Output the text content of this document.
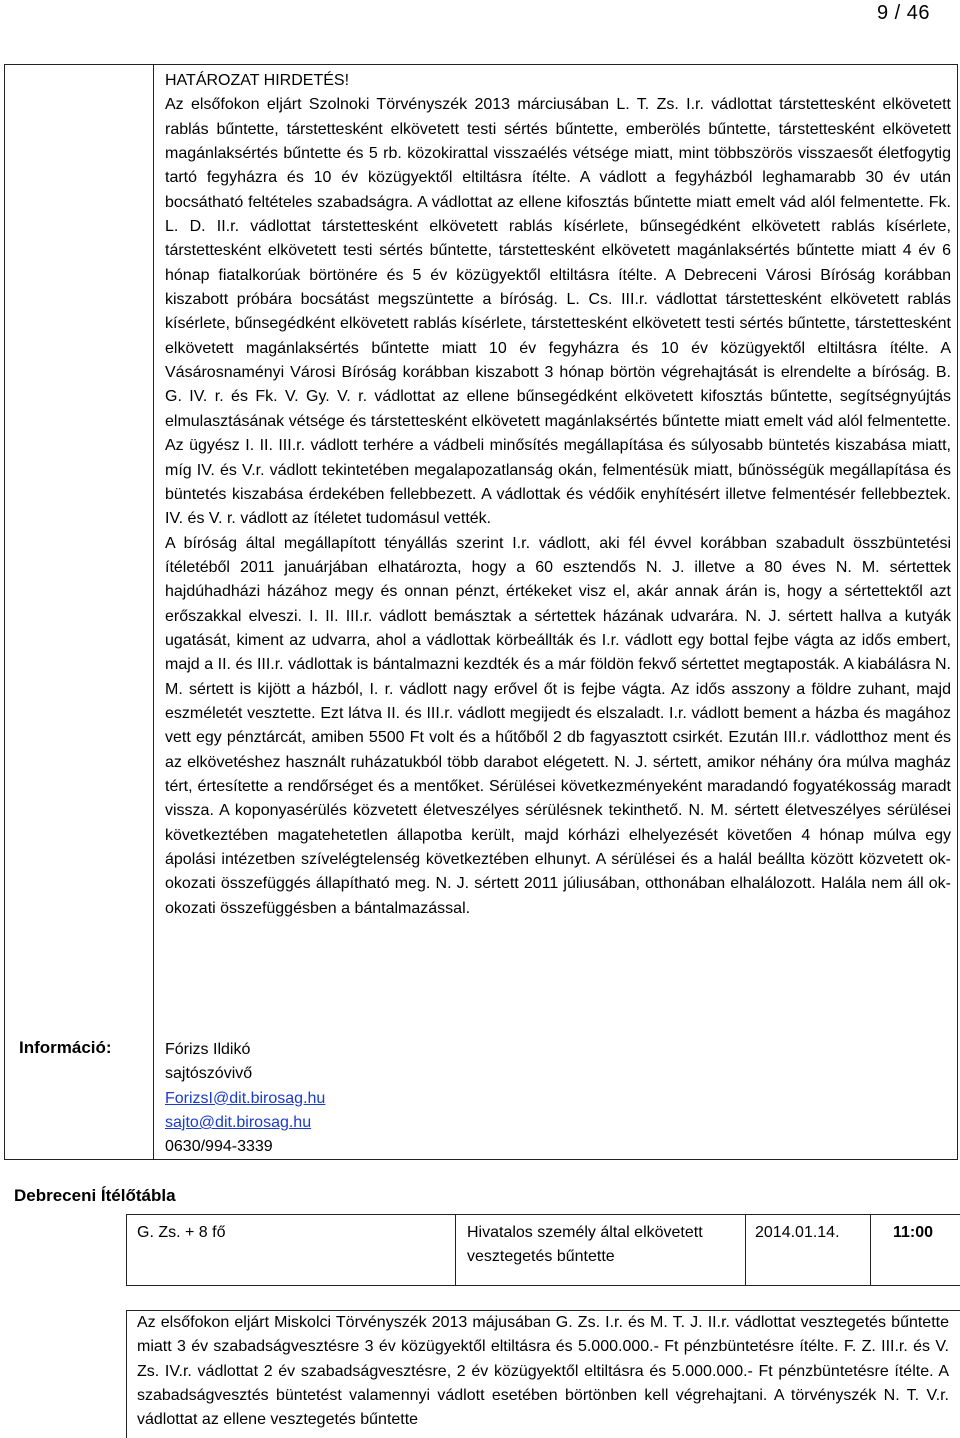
9 / 46
Információ:

HATÁROZAT HIRDETÉS!

Az elsőfokon eljárt Szolnoki Törvényszék 2013 márciusában L. T. Zs. I.r. vádlottat társtettesként elkövetett rablás bűntette, társtettesként elkövetett testi sértés bűntette, emberölés bűntette, társtettesként elkövetett magánlaksértés bűntette és 5 rb. közokirattal visszaélés vétsége miatt, mint többszörös visszaesőt életfogytig tartó fegyházra és 10 év közügyektől eltiltásra ítélte. A vádlott a fegyházból leghamarabb 30 év után bocsátható feltételes szabadságra. A vádlottat az ellene kifosztás bűntette miatt emelt vád alól felmentette. Fk. L. D. II.r. vádlottat társtettesként elkövetett rablás kísérlete, bűnsegédként elkövetett rablás kísérlete, társtettesként elkövetett testi sértés bűntette, társtettesként elkövetett magánlaksértés bűntette miatt 4 év 6 hónap fiatalkorúak börtönére és 5 év közügyektől eltiltásra ítélte. A Debreceni Városi Bíróság korábban kiszabott próbára bocsátást megszüntette a bíróság. L. Cs. III.r. vádlottat társtettesként elkövetett rablás kísérlete, bűnsegédként elkövetett rablás kísérlete, társtettesként elkövetett testi sértés bűntette, társtettesként elkövetett magánlaksértés bűntette miatt 10 év fegyházra és 10 év közügyektől eltiltásra ítélte. A Vásárosnaményi Városi Bíróság korábban kiszabott 3 hónap börtön végrehajtását is elrendelte a bíróság. B. G. IV. r. és Fk. V. Gy. V. r. vádlottat az ellene bűnsegédként elkövetett kifosztás bűntette, segítségnyújtás elmulasztásának vétsége és társtettesként elkövetett magánlaksértés bűntette miatt emelt vád alól felmentette. Az ügyész I. II. III.r. vádlott terhére a vádbeli minősítés megállapítása és súlyosabb büntetés kiszabása miatt, míg IV. és V.r. vádlott tekintetében megalapozatlanság okán, felmentésük miatt, bűnösségük megállapítása és büntetés kiszabása érdekében fellebbezett. A vádlottak és védőik enyhítésért illetve felmentésér fellebbeztek. IV. és V. r. vádlott az ítéletet tudomásul vették.

A bíróság által megállapított tényállás szerint I.r. vádlott, aki fél évvel korábban szabadult összbüntetési ítéletéből 2011 januárjában elhatározta, hogy a 60 esztendős N. J. illetve a 80 éves N. M. sértettek hajdúhadházi házához megy és onnan pénzt, értékeket visz el, akár annak árán is, hogy a sértettektől azt erőszakkal elveszi. I. II. III.r. vádlott bemásztak a sértettek házának udvarára. N. J. sértett hallva a kutyák ugatását, kiment az udvarra, ahol a vádlottak körbeállták és I.r. vádlott egy bottal fejbe vágta az idős embert, majd a II. és III.r. vádlottak is bántalmazni kezdték és a már földön fekvő sértettet megtaposták. A kiabálásra N. M. sértett is kijött a házból, I. r. vádlott nagy erővel őt is fejbe vágta. Az idős asszony a földre zuhant, majd eszméletét vesztette. Ezt látva II. és III.r. vádlott megijedt és elszaladt. I.r. vádlott bement a házba és magához vett egy pénztárcát, amiben 5500 Ft volt és a hűtőből 2 db fagyasztott csirkét. Ezután III.r. vádlotthoz ment és az elkövetéshez használt ruházatukból több darabot elégetett. N. J. sértett, amikor néhány óra múlva magház tért, értesítette a rendőrséget és a mentőket. Sérülései következményeként maradandó fogyatékosság maradt vissza. A koponyasérülés közvetett életveszélyes sérülésnek tekinthető. N. M. sértett életveszélyes sérülései következtében magatehetetlen állapotba került, majd kórházi elhelyezését követően 4 hónap múlva egy ápolási intézetben szívelégtelenség következtében elhunyt. A sérülései és a halál beállta között közvetett ok-okozati összefüggés állapítható meg. N. J. sértett 2011 júliusában, otthonában elhalálozott. Halála nem áll ok-okozati összefüggésben a bántalmazással.

Fórizs Ildikó
sajtószóvivő
ForizsI@dit.birosag.hu
sajto@dit.birosag.hu
0630/994-3339
Debreceni Ítélőtábla
G. Zs. + 8 fő	Hivatalos személy által elkövetett vesztegetés bűntette
2014.01.14.	11:00
Az elsőfokon eljárt Miskolci Törvényszék 2013 májusában G. Zs. I.r. és M. T. J. II.r. vádlottat vesztegetés bűntette miatt 3 év szabadságvesztésre 3 év közügyektől eltiltásra és 5.000.000.- Ft pénzbüntetésre ítélte. F. Z. III.r. és V. Zs. IV.r. vádlottat 2 év szabadságvesztésre, 2 év közügyektől eltiltásra és 5.000.000.- Ft pénzbüntetésre ítélte. A szabadságvesztés büntetést valamennyi vádlott esetében börtönben kell végrehajtani. A törvényszék N. T. V.r. vádlottat az ellene vesztegetés bűntette
